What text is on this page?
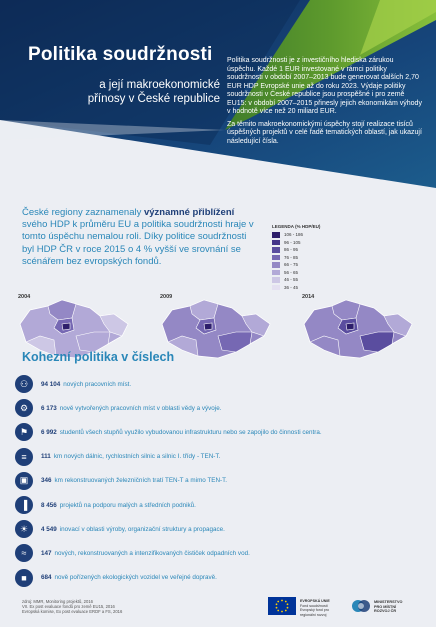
Politika soudržnosti
a její makroekonomické
přínosy v České republice

Politika soudržnosti je z investičního hlediska zárukou úspěchu. Každé 1 EUR investované v rámci politiky soudržnosti v období 2007–2013 bude generovat dalších 2,70 EUR HDP Evropské unie až do roku 2023. Výdaje politiky soudržnosti v České republice jsou prospěšné i pro země EU15: v období 2007–2015 přinesly jejich ekonomikám výhody v hodnotě více než 20 miliard EUR.

Za těmito makroekonomickými úspěchy stojí realizace tisíců úspěšných projektů v celé řadě tematických oblastí, jak ukazují následující čísla.

České regiony zaznamenaly významné přiblížení svého HDP k průměru EU a politika soudržnosti hraje v tomto úspěchu nemalou roli. Díky politice soudržnosti byl HDP ČR v roce 2015 o 4 % vyšší ve srovnání se scénářem bez evropských fondů.
LEGENDA (% HDP/EU)
106 - 186
96 - 105
86 - 95
76 - 85
66 - 75
56 - 65
46 - 55
36 - 45
2004	2009	2014
Kohezní politika v číslech
⚇	94 104 nových pracovních míst.
⚙	6 173 nově vytvořených pracovních míst v oblasti vědy a vývoje.
⚑	6 992 studentů všech stupňů využilo vybudovanou infrastrukturu nebo se zapojilo do činnosti centra.
≡	111 km nových dálnic, rychlostních silnic a silnic I. třídy - TEN-T.
▣	346 km rekonstruovaných železničních tratí TEN-T a mimo TEN-T.
▐	8 456 projektů na podporu malých a středních podniků.
☀	4 549 inovací v oblasti výroby, organizační struktury a propagace.
≈	147 nových, rekonstruovaných a intenzifikovaných čističek odpadních vod.
■	684 nově pořízených ekologických vozidel ve veřejné dopravě.
zdroj: MMR, Monitoring projektů, 2016
VII. Ex post evaluace fondů pro země EU15, 2016
Evropská komise, Ex post evaluace ERDF a FS, 2016
EVROPSKÁ UNIE
Fond soudržnosti
Evropský fond pro regionální rozvoj
MINISTERSTVO
PRO MÍSTNÍ
ROZVOJ ČR
